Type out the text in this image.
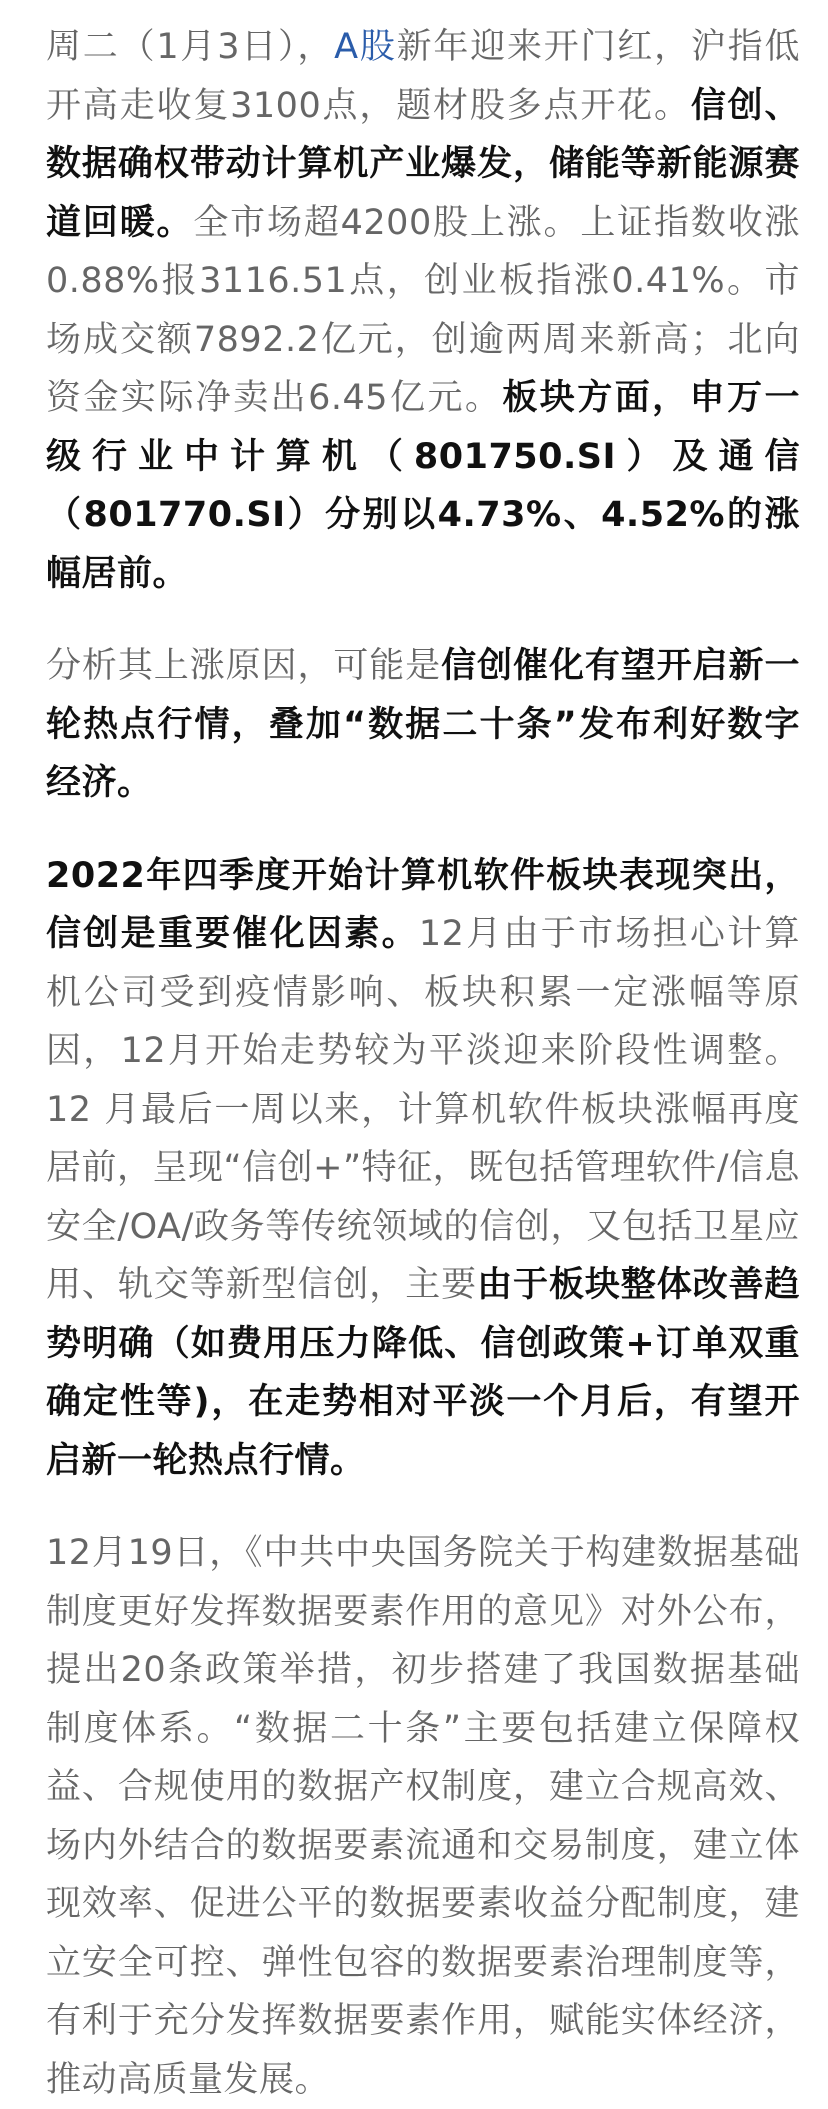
周二（1月3日），A股新年迎来开门红，沪指低开高走收复3100点，题材股多点开花。信创、数据确权带动计算机产业爆发，储能等新能源赛道回暖。全市场超4200股上涨。上证指数收涨0.88%报3116.51点，创业板指涨0.41%。市场成交额7892.2亿元，创逾两周来新高；北向资金实际净卖出6.45亿元。板块方面，申万一级行业中计算机（801750.SI）及通信（801770.SI）分别以4.73%、4.52%的涨幅居前。

分析其上涨原因，可能是信创催化有望开启新一轮热点行情，叠加“数据二十条”发布利好数字经济。

2022年四季度开始计算机软件板块表现突出，信创是重要催化因素。12月由于市场担心计算机公司受到疫情影响、板块积累一定涨幅等原因，12月开始走势较为平淡迎来阶段性调整。12 月最后一周以来，计算机软件板块涨幅再度居前，呈现“信创+”特征，既包括管理软件/信息安全/OA/政务等传统领域的信创，又包括卫星应用、轨交等新型信创，主要由于板块整体改善趋势明确（如费用压力降低、信创政策+订单双重确定性等)，在走势相对平淡一个月后，有望开启新一轮热点行情。

12月19日，《中共中央国务院关于构建数据基础制度更好发挥数据要素作用的意见》对外公布，提出20条政策举措，初步搭建了我国数据基础制度体系。“数据二十条”主要包括建立保障权益、合规使用的数据产权制度，建立合规高效、场内外结合的数据要素流通和交易制度，建立体现效率、促进公平的数据要素收益分配制度，建立安全可控、弹性包容的数据要素治理制度等，有利于充分发挥数据要素作用，赋能实体经济，推动高质量发展。
